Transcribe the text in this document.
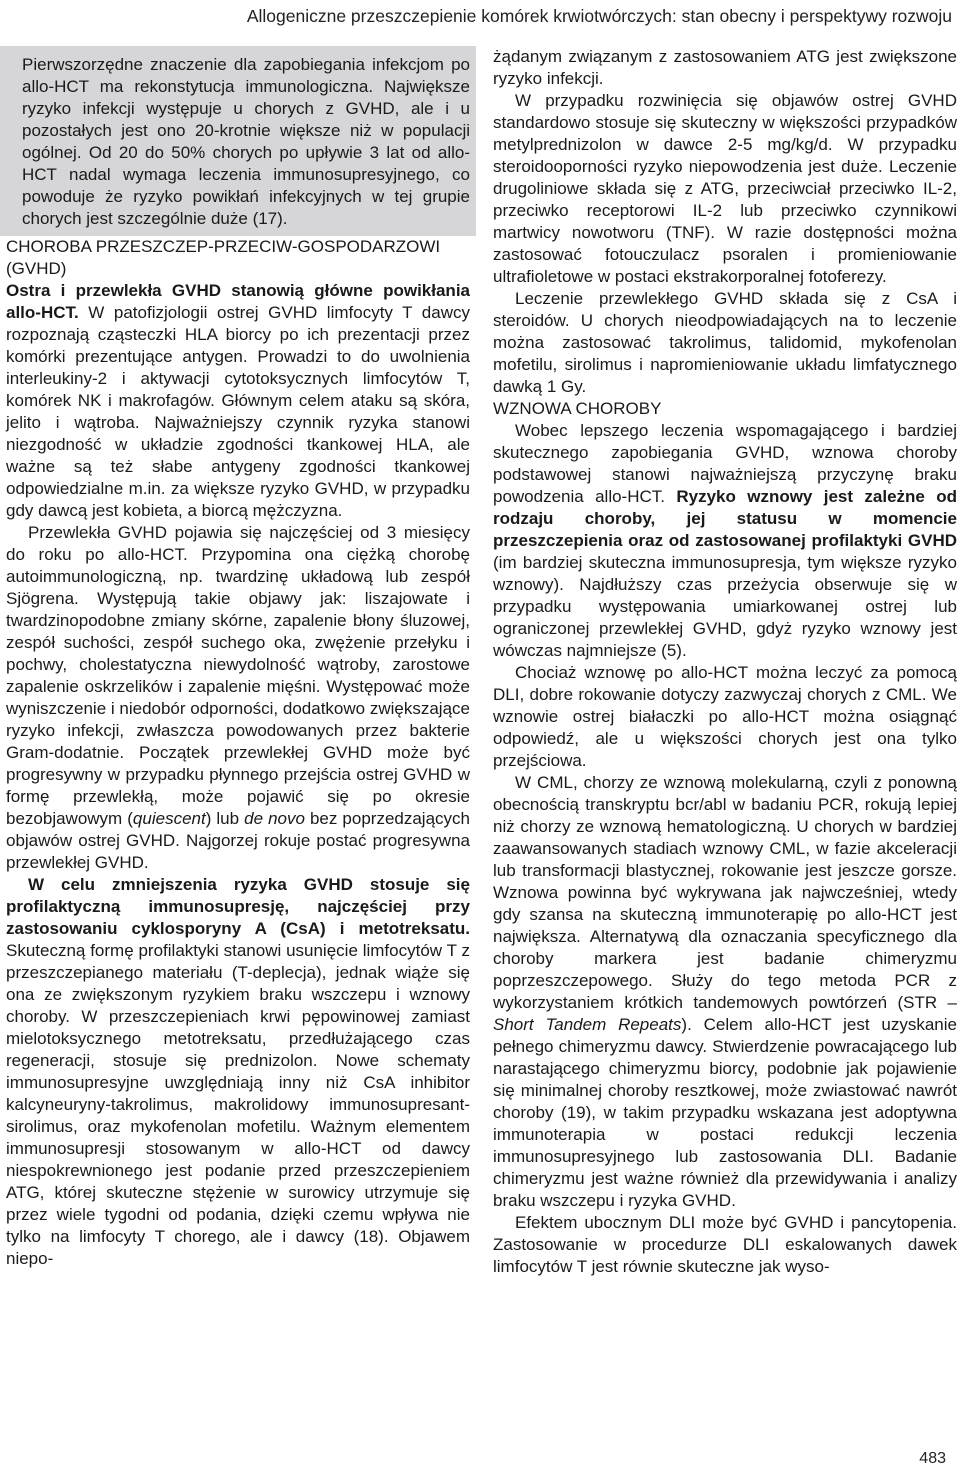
Allogeniczne przeszczepienie komórek krwiotwórczych: stan obecny i perspektywy rozwoju

Pierwszorzędne znaczenie dla zapobiegania infekcjom po allo-HCT ma rekonstytucja immunologiczna. Największe ryzyko infekcji występuje u chorych z GVHD, ale i u pozostałych jest ono 20-krotnie większe niż w populacji ogólnej. Od 20 do 50% chorych po upływie 3 lat od allo-HCT nadal wymaga leczenia immunosupresyjnego, co powoduje że ryzyko powikłań infekcyjnych w tej grupie chorych jest szczególnie duże (17).

CHOROBA PRZESZCZEP-PRZECIW-GOSPODARZOWI (GVHD)

Ostra i przewlekła GVHD stanowią główne powikłania allo-HCT. W patofizjologii ostrej GVHD limfocyty T dawcy rozpoznają cząsteczki HLA biorcy po ich prezentacji przez komórki prezentujące antygen. Prowadzi to do uwolnienia interleukiny-2 i aktywacji cytotoksycznych limfocytów T, komórek NK i makrofagów. Głównym celem ataku są skóra, jelito i wątroba. Najważniejszy czynnik ryzyka stanowi niezgodność w układzie zgodności tkankowej HLA, ale ważne są też słabe antygeny zgodności tkankowej odpowiedzialne m.in. za większe ryzyko GVHD, w przypadku gdy dawcą jest kobieta, a biorcą mężczyzna.

Przewlekła GVHD pojawia się najczęściej od 3 miesięcy do roku po allo-HCT. Przypomina ona ciężką chorobę autoimmunologiczną, np. twardzinę układową lub zespół Sjögrena. Występują takie objawy jak: liszajowate i twardzinopodobne zmiany skórne, zapalenie błony śluzowej, zespół suchości, zespół suchego oka, zwężenie przełyku i pochwy, cholestatyczna niewydolność wątroby, zarostowe zapalenie oskrzelików i zapalenie mięśni. Występować może wyniszczenie i niedobór odporności, dodatkowo zwiększające ryzyko infekcji, zwłaszcza powodowanych przez bakterie Gram-dodatnie. Początek przewlekłej GVHD może być progresywny w przypadku płynnego przejścia ostrej GVHD w formę przewlekłą, może pojawić się po okresie bezobjawowym (quiescent) lub de novo bez poprzedzających objawów ostrej GVHD. Najgorzej rokuje postać progresywna przewlekłej GVHD.

W celu zmniejszenia ryzyka GVHD stosuje się profilaktyczną immunosupresję, najczęściej przy zastosowaniu cyklosporyny A (CsA) i metotreksatu. Skuteczną formę profilaktyki stanowi usunięcie limfocytów T z przeszczepianego materiału (T-deplecja), jednak wiąże się ona ze zwiększonym ryzykiem braku wszczepu i wznowy choroby. W przeszczepieniach krwi pępowinowej zamiast mielotoksycznego metotreksatu, przedłużającego czas regeneracji, stosuje się prednizolon. Nowe schematy immunosupresyjne uwzględniają inny niż CsA inhibitor kalcyneuryny-takrolimus, makrolidowy immunosupresant-sirolimus, oraz mykofenolan mofetilu. Ważnym elementem immunosupresji stosowanym w allo-HCT od dawcy niespokrewnionego jest podanie przed przeszczepieniem ATG, której skuteczne stężenie w surowicy utrzymuje się przez wiele tygodni od podania, dzięki czemu wpływa nie tylko na limfocyty T chorego, ale i dawcy (18). Objawem niepo-

żądanym związanym z zastosowaniem ATG jest zwiększone ryzyko infekcji.

W przypadku rozwinięcia się objawów ostrej GVHD standardowo stosuje się skuteczny w większości przypadków metylprednizolon w dawce 2-5 mg/kg/d. W przypadku steroidooporności ryzyko niepowodzenia jest duże. Leczenie drugoliniowe składa się z ATG, przeciwciał przeciwko IL-2, przeciwko receptorowi IL-2 lub przeciwko czynnikowi martwicy nowotworu (TNF). W razie dostępności można zastosować fotouczulacz psoralen i promieniowanie ultrafioletowe w postaci ekstrakorporalnej fotoferezy.

Leczenie przewlekłego GVHD składa się z CsA i steroidów. U chorych nieodpowiadających na to leczenie można zastosować takrolimus, talidomid, mykofenolan mofetilu, sirolimus i napromieniowanie układu limfatycznego dawką 1 Gy.

WZNOWA CHOROBY

Wobec lepszego leczenia wspomagającego i bardziej skutecznego zapobiegania GVHD, wznowa choroby podstawowej stanowi najważniejszą przyczynę braku powodzenia allo-HCT. Ryzyko wznowy jest zależne od rodzaju choroby, jej statusu w momencie przeszczepienia oraz od zastosowanej profilaktyki GVHD (im bardziej skuteczna immunosupresja, tym większe ryzyko wznowy). Najdłuższy czas przeżycia obserwuje się w przypadku występowania umiarkowanej ostrej lub ograniczonej przewlekłej GVHD, gdyż ryzyko wznowy jest wówczas najmniejsze (5).

Chociaż wznowę po allo-HCT można leczyć za pomocą DLI, dobre rokowanie dotyczy zazwyczaj chorych z CML. We wznowie ostrej białaczki po allo-HCT można osiągnąć odpowiedź, ale u większości chorych jest ona tylko przejściowa.

W CML, chorzy ze wznową molekularną, czyli z ponowną obecnością transkryptu bcr/abl w badaniu PCR, rokują lepiej niż chorzy ze wznową hematologiczną. U chorych w bardziej zaawansowanych stadiach wznowy CML, w fazie akceleracji lub transformacji blastycznej, rokowanie jest jeszcze gorsze. Wznowa powinna być wykrywana jak najwcześniej, wtedy gdy szansa na skuteczną immunoterapię po allo-HCT jest największa. Alternatywą dla oznaczania specyficznego dla choroby markera jest badanie chimeryzmu poprzeszczepowego. Służy do tego metoda PCR z wykorzystaniem krótkich tandemowych powtórzeń (STR – Short Tandem Repeats). Celem allo-HCT jest uzyskanie pełnego chimeryzmu dawcy. Stwierdzenie powracającego lub narastającego chimeryzmu biorcy, podobnie jak pojawienie się minimalnej choroby resztkowej, może zwiastować nawrót choroby (19), w takim przypadku wskazana jest adoptywna immunoterapia w postaci redukcji leczenia immunosupresyjnego lub zastosowania DLI. Badanie chimeryzmu jest ważne również dla przewidywania i analizy braku wszczepu i ryzyka GVHD.

Efektem ubocznym DLI może być GVHD i pancytopenia. Zastosowanie w procedurze DLI eskalowanych dawek limfocytów T jest równie skuteczne jak wyso-

483
